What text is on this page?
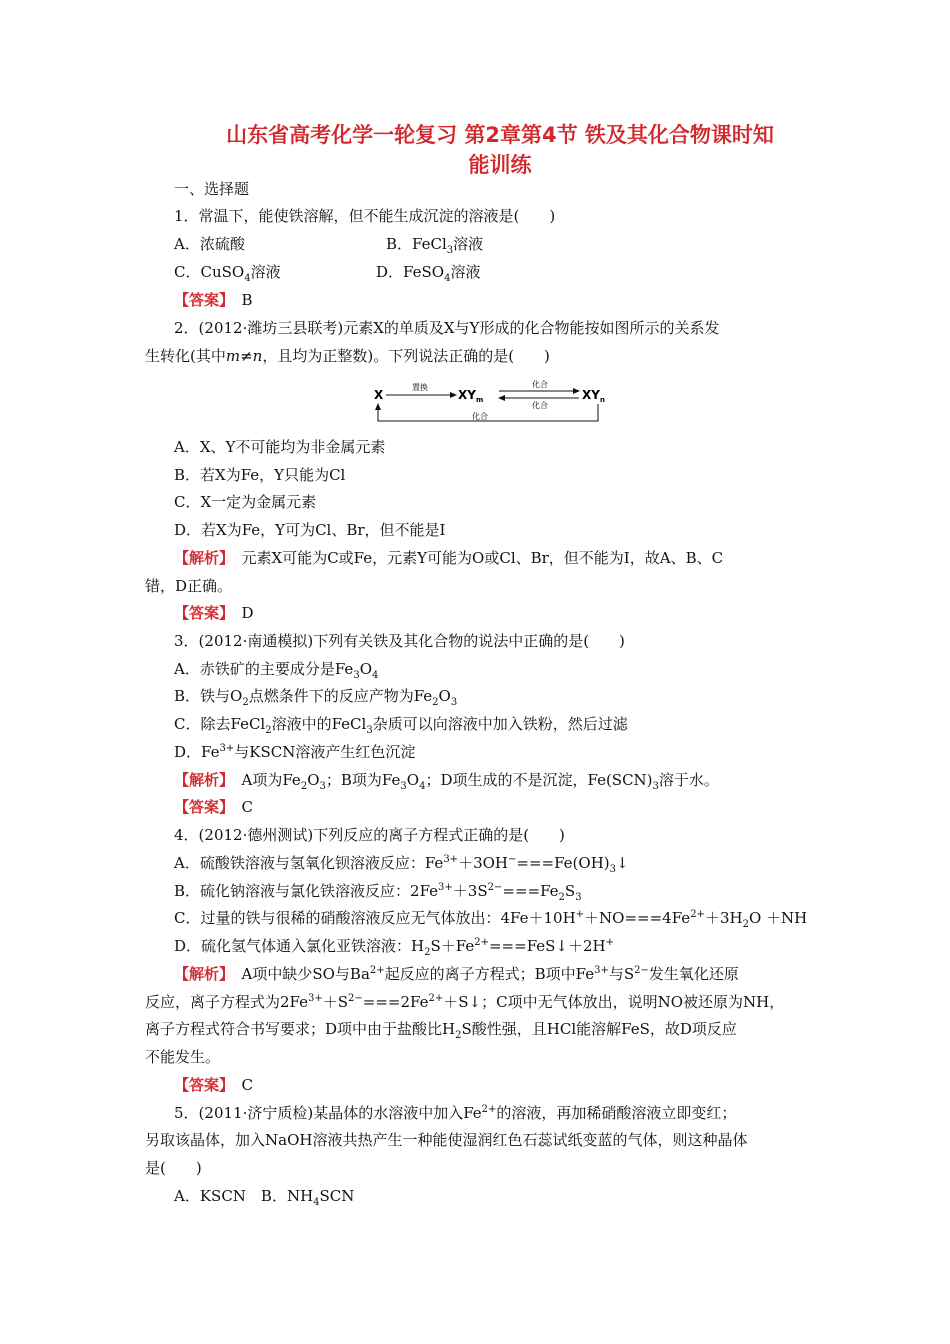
山东省高考化学一轮复习 第2章第4节 铁及其化合物课时知
能训练
一、选择题
1．常温下，能使铁溶解，但不能生成沉淀的溶液是(　　)
A．浓硫酸	B．FeCl$_3$溶液
C．CuSO$_4$溶液	D．FeSO$_4$溶液
【答案】　 B
2．(2012·潍坊三县联考)元素X的单质及X与Y形成的化合物能按如图所示的关系发
生转化(其中m≠n，且均为正整数)。下列说法正确的是(　　)
X
置换
$XY_m$
化合
化合
$XY_n$
化合
A．X、Y不可能均为非金属元素
B．若X为Fe，Y只能为Cl
C．X一定为金属元素
D．若X为Fe，Y可为Cl、Br，但不能是I
【解析】　元素X可能为C或Fe，元素Y可能为O或Cl、Br，但不能为I，故A、B、C
错，D正确。
【答案】　 D
3．(2012·南通模拟)下列有关铁及其化合物的说法中正确的是(　　)
A．赤铁矿的主要成分是$Fe_3O_4$
B．铁与$O_2$点燃条件下的反应产物为$Fe_2O_3$
C．除去FeCl$_2$溶液中的FeCl$_3$杂质可以向溶液中加入铁粉，然后过滤
D．$Fe^{3+}$与KSCN溶液产生红色沉淀
【解析】　A项为$Fe_2O_3$；B项为$Fe_3O_4$；D项生成的不是沉淀，$Fe(SCN)_3$溶于水。
【答案】　 C
4．(2012·德州测试)下列反应的离子方程式正确的是(　　)
A．硫酸铁溶液与氢氧化钡溶液反应：$Fe^{3+}+3OH^-===Fe(OH)_3↓$
B．硫化钠溶液与氯化铁溶液反应：$2Fe^{3+}+3S^{2-}===Fe_2S_3$
C．过量的铁与很稀的硝酸溶液反应无气体放出：$4Fe+10H^++NO===4Fe^{2+}+3H_2O +NH$
D．硫化氢气体通入氯化亚铁溶液：$H_2S+Fe^{2+}===FeS↓+2H^+$
【解析】　A项中缺少SO与$Ba^{2+}$起反应的离子方程式；B项中$Fe^{3+}$与$S^{2-}$发生氧化还原
反应，离子方程式为$2Fe^{3+}+S^{2-}===2Fe^{2+}+S↓$；C项中无气体放出，说明NO被还原为NH，
离子方程式符合书写要求；D项中由于盐酸比$H_2S$酸性强，且HCl能溶解FeS，故D项反应
不能发生。
【答案】　 C
5．(2011·济宁质检)某晶体的水溶液中加入$Fe^{2+}$的溶液，再加稀硝酸溶液立即变红；
另取该晶体，加入NaOH溶液共热产生一种能使湿润红色石蕊试纸变蓝的气体，则这种晶体
是(　　)
A．KSCN　B．$NH_4SCN$
